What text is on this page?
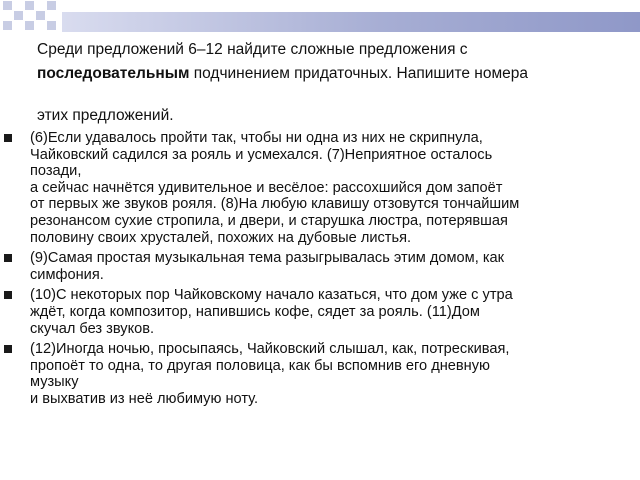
Среди предложений 6–12 найдите сложные предложения с
последовательным подчинением придаточных. Напишите номера
этих предложений.
(6)Если удавалось пройти так, чтобы ни одна из них не скрипнула,
Чайковский садился за рояль и усмехался. (7)Неприятное осталось
позади,
а сейчас начнётся удивительное и весёлое: рассохшийся дом запоёт
от первых же звуков рояля. (8)На любую клавишу отзовутся тончайшим
резонансом сухие стропила, и двери, и старушка люстра, потерявшая
половину своих хрусталей, похожих на дубовые листья.
(9)Самая простая музыкальная тема разыгрывалась этим домом, как
симфония.
(10)С некоторых пор Чайковскому начало казаться, что дом уже с утра
ждёт, когда композитор, напившись кофе, сядет за рояль. (11)Дом
скучал без звуков.
(12)Иногда ночью, просыпаясь, Чайковский слышал, как, потрескивая,
пропоёт то одна, то другая половица, как бы вспомнив его дневную
музыку
и выхватив из неё любимую ноту.
